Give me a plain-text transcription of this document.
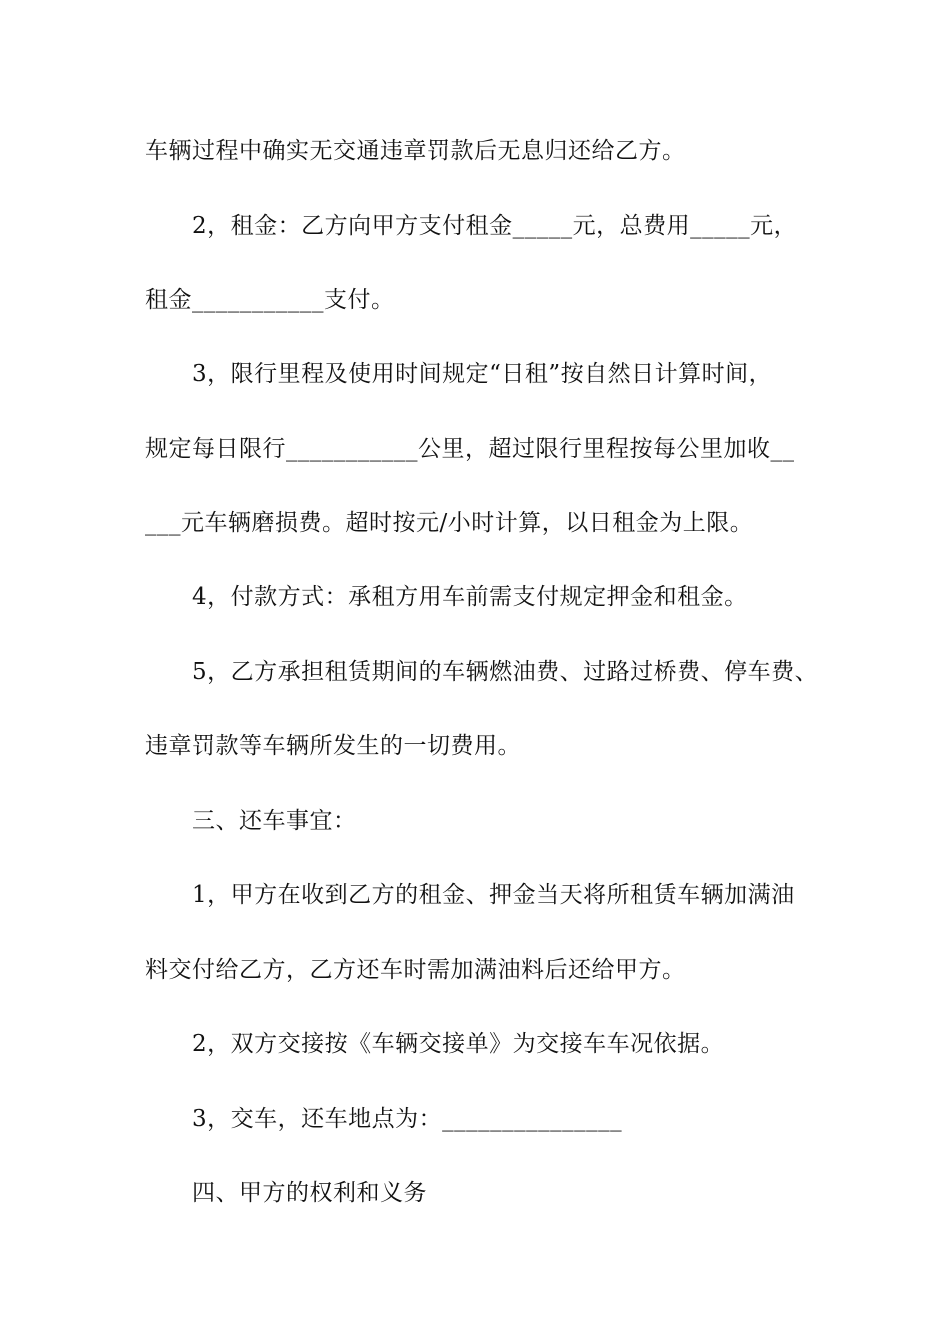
车辆过程中确实无交通违章罚款后无息归还给乙方。
2，租金：乙方向甲方支付租金_____元，总费用_____元，
租金___________支付。
3，限行里程及使用时间规定“日租”按自然日计算时间，
规定每日限行___________公里，超过限行里程按每公里加收__
___元车辆磨损费。超时按元/小时计算，以日租金为上限。
4，付款方式：承租方用车前需支付规定押金和租金。
5，乙方承担租赁期间的车辆燃油费、过路过桥费、停车费、
违章罚款等车辆所发生的一切费用。
三、还车事宜：
1，甲方在收到乙方的租金、押金当天将所租赁车辆加满油
料交付给乙方，乙方还车时需加满油料后还给甲方。
2，双方交接按《车辆交接单》为交接车车况依据。
3，交车，还车地点为：_______________
四、甲方的权利和义务
